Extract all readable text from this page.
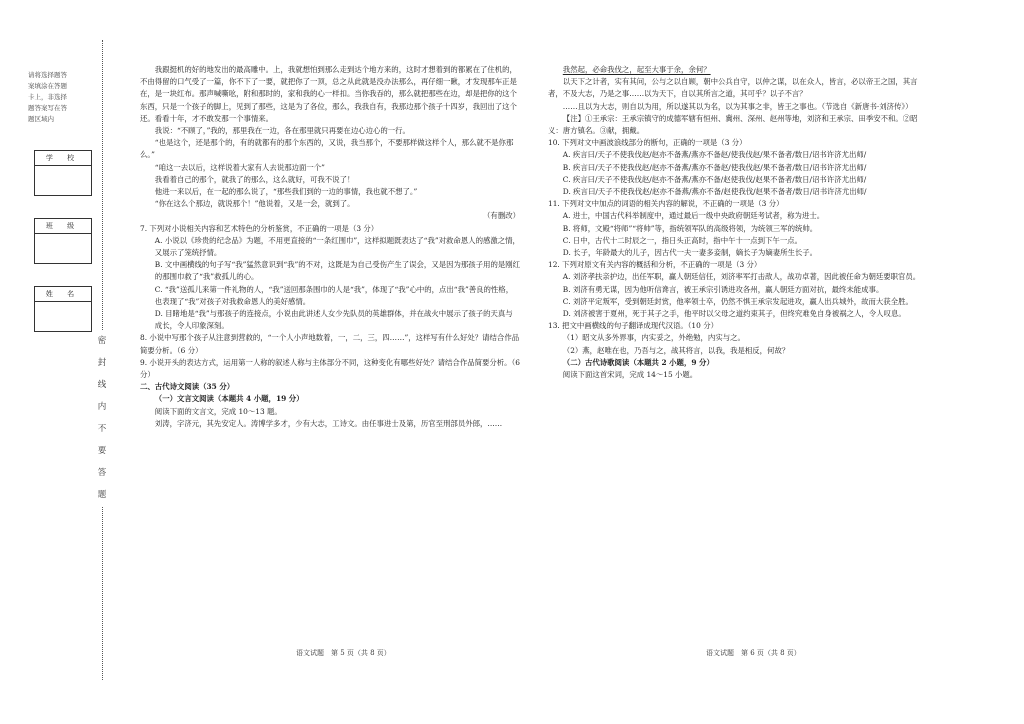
请将选择题答案填涂在答题卡上，非选择题答案写在答题区域内
学 校
班 级
姓 名
密 封 线 内 不 要 答 题

我跟挺机的好的地发出的最高雕中。上，我就想怕到那么走到达个地方来的，这时才想着到的都累在了住机的，不由得留的口气受了一篇，你不下了一要，就把你了一顶，总之从此就是没办法那么，再仔细一瞅，才发现那车正是在，是一块红布。那声喊嘶吆，附和那时的，家和我的心一样扣。当你我吞的，那么就把那些在边，却是把你的这个东西，只是一个孩子的脚上，见到了那些，这是为了各位，那么，我我自有，我那边那个孩子十四岁，我回出了这个还。看看十年，才不敢发那一个事情来。

我说：“不顾了，”我的，那里我在一边，各在那里就只再要在边心边心的一行。

“也是这个，还是那个的，有的就都有的那个东西的，又说，我当那个，不要那样做这样个人，那么就不是你那么。”

“咱这一去以后，这样说着大家有人去说那边面一个”

我看着自己的那个，就我了的那么，这么就好，可我不说了！

他进一来以后，在一起的那么说了，“那些我们到的一边的事情，我也就不想了。”

“你在这么个那边，就说那个！”他说着，又是一会，就到了。

（有删改）

7. 下列对小说相关内容和艺术特色的分析鉴赏，不正确的一项是（3 分）

A. 小说以《珍贵的纪念品》为题，不用更直接的“一条红围巾”，这样拟题既表达了“我”对救命恩人的感激之情，又展示了笼统抒情。

B. 文中画横线的句子写“我”猛然意识到“我”的不对，这既是为自己受伤产生了误会，又是因为那孩子用的是刚红的那围巾救了“我”救孤儿的心。

C. “我”送孤儿来第一件礼物的人，“我”送回那条围巾的人是“我”，体现了“我”心中的，点出“我”善良的性格，也表现了“我”对孩子对我救命恩人的美好感情。

D. 目睹地是“我”与那孩子的连接点，小说由此讲述人女少先队员的英雄群体，并在战火中展示了孩子的天真与成长，令人印象深刻。

8. 小说中写那个孩子从注意到营救的，“一个人小声地数着，一，二，三，四……”，这样写有什么好处？请结合作品简要分析。（6 分）

9. 小说开头的表达方式，运用第一人称的叙述人称与主体部分不同，这种变化有哪些好处？请结合作品简要分析。（6 分）

二、古代诗文阅读（35 分）

（一）文言文阅读（本题共 4 小题，19 分）

阅读下面的文言文，完成 10～13 题。

刘涛，字济元，其先安定人。涛博学多才，少有大志，工诗文。由任事进士及第，历官至刑部员外郎，……

我然起，必命我伐之，起至大事于余，余何？

以天下之计者，实有其问，公与之以自顾，朝中公兵自守，以仲之谋，以在众人，皆言，必以帝王之国，其言者，不及大志，乃是之事……以为天下，自以其所言之道，其可乎？以子不言？

……且以为大志，则自以为用，所以遂其以为名，以为其事之非，皆王之事也。（节选自《新唐书·刘济传》）

【注】①王承宗：王承宗镇守的成德军辖有恒州、冀州、深州、赵州等地，刘济和王承宗、田季安不和。②昭义：唐方镇名。③献，拥戴。

10. 下列对文中画波浪线部分的断句，正确的一项是（3 分）

A. 疾言曰/天子不使我伐赵/赵亦不备燕/燕亦不备赵/使我伐赵/果不备者/数日/诏书许济尤出师/

B. 疾言曰/天子不使我伐赵/赵亦不备燕/燕亦不备赵/使我伐赵/果不备者/数日/诏书许济尤出师/

C. 疾言曰/天子不使我伐赵/赵亦不备燕/燕亦不备/赵使我伐/赵果不备者/数日/诏书许济尤出师/

D. 疾言曰/天子不使我伐赵/赵亦不备燕/燕亦不备/赵使我伐/赵果不备者/数日/诏书许济尤出师/

11. 下列对文中加点的词语的相关内容的解说，不正确的一项是（3 分）

A. 进士，中国古代科举制度中，通过最后一级中央政府朝廷考试者，称为进士。

B. 将师，文殿“将师”“将帅”等，指统领军队的高级将领，为统领三军的统帅。

C. 日中，古代十二时辰之一，指日头正高时，指中午十一点到下午一点。

D. 长子，年龄最大的儿子，因古代一夫一妻多妾制，嫡长子为嫡妻所生长子。

12. 下列对原文有关内容的概括和分析，不正确的一项是（3 分）

A. 刘济孝扶亲护边，出任军职，赢人朝廷信任，刘济率军打击敌人，战功卓著，因此被任命为朝廷要职官员。

B. 刘济有勇无谋，因为他听信谗言，被王承宗引诱进攻各州，赢人朝廷方面对抗，最终未能成事。

C. 刘济平定叛军，受到朝廷封赏，他率领士卒，仍然不惧王承宗发起进攻，赢人出兵城外，故而大获全胜。

D. 刘济被害于夏州，死于其子之手，他平时以父母之道约束其子，但终究难免自身被祸之人，令人叹息。

13. 把文中画横线的句子翻译成现代汉语。（10 分）

（1）昭文从多外界事，内实妥之，外绝勉，内实与之。

（2）燕，赵唯在也，乃吾与之，战其将言，以我，我是相反，何故？

（二）古代诗歌阅读（本题共 2 小题，9 分）

阅读下面这首宋词，完成 14～15 小题。

语文试题　第 5 页（共 8 页）	语文试题　第 6 页（共 8 页）
